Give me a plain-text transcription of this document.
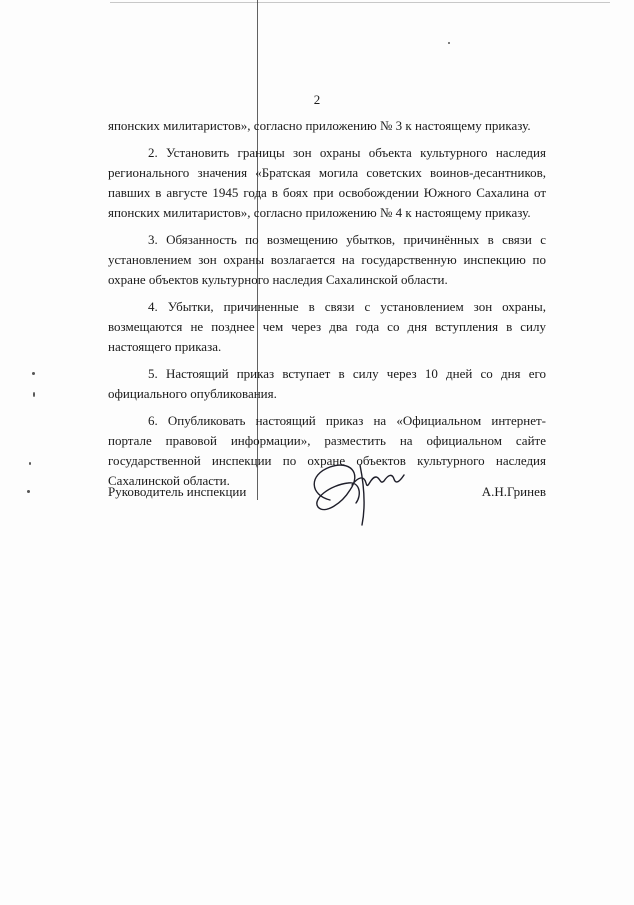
2

японских милитаристов», согласно приложению № 3 к настоящему приказу.

2. Установить границы зон охраны объекта культурного наследия регионального значения «Братская могила советских воинов-десантников, павших в августе 1945 года в боях при освобождении Южного Сахалина от японских милитаристов», согласно приложению № 4 к настоящему приказу.

3. Обязанность по возмещению убытков, причинённых в связи с установлением зон охраны возлагается на государственную инспекцию по охране объектов культурного наследия Сахалинской области.

4. Убытки, причиненные в связи с установлением зон охраны, возмещаются не позднее чем через два года со дня вступления в силу настоящего приказа.

5. Настоящий приказ вступает в силу через 10 дней со дня его официального опубликования.

6. Опубликовать настоящий приказ на «Официальном интернет-портале правовой информации», разместить на официальном сайте государственной инспекции по охране объектов культурного наследия Сахалинской области.

Руководитель инспекции	А.Н.Гринев
